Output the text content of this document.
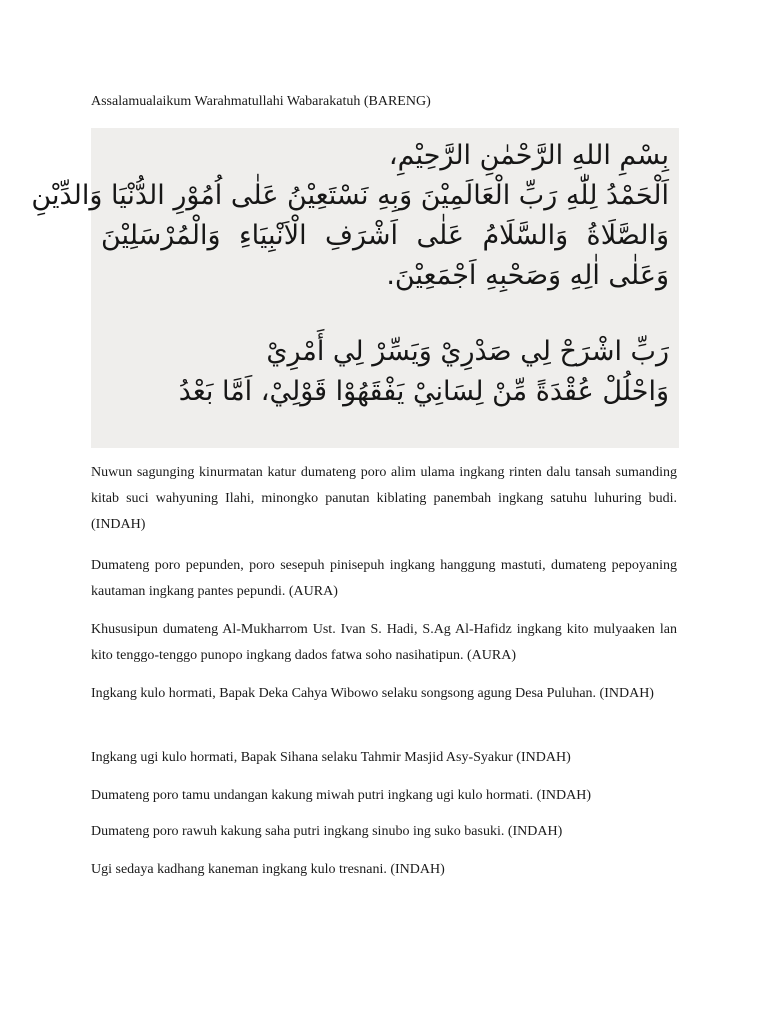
Assalamualaikum Warahmatullahi Wabarakatuh (BARENG)
بِسْمِ اللهِ الرَّحْمٰنِ الرَّحِيْمِ،
اَلْحَمْدُ لِلّٰهِ رَبِّ الْعَالَمِيْنَ وَبِهِ نَسْتَعِيْنُ عَلٰى اُمُوْرِ الدُّنْيَا وَالدِّيْنِ
وَالصَّلَاةُ وَالسَّلَامُ عَلٰى اَشْرَفِ الْاَنْبِيَاءِ وَالْمُرْسَلِيْنَ
وَعَلٰى اٰلِهِ وَصَحْبِهِ اَجْمَعِيْنَ.
رَبِّ اشْرَحْ لِي صَدْرِيْ وَيَسِّرْ لِي أَمْرِيْ
وَاحْلُلْ عُقْدَةً مِّنْ لِسَانِيْ يَفْقَهُوْا قَوْلِيْ، اَمَّا بَعْدُ

Nuwun sagunging kinurmatan katur dumateng poro alim ulama ingkang rinten dalu tansah sumanding kitab suci wahyuning Ilahi, minongko panutan kiblating panembah ingkang satuhu luhuring budi. (INDAH)

Dumateng poro pepunden, poro sesepuh pinisepuh ingkang hanggung mastuti, dumateng pepoyaning kautaman ingkang pantes pepundi. (AURA)

Khususipun dumateng Al-Mukharrom Ust. Ivan S. Hadi, S.Ag Al-Hafidz ingkang kito mulyaaken lan kito tenggo-tenggo punopo ingkang dados fatwa soho nasihatipun. (AURA)

Ingkang kulo hormati, Bapak Deka Cahya Wibowo selaku songsong agung Desa Puluhan. (INDAH)

Ingkang ugi kulo hormati, Bapak Sihana selaku Tahmir Masjid Asy-Syakur (INDAH)

Dumateng poro tamu undangan kakung miwah putri ingkang ugi kulo hormati. (INDAH)

Dumateng poro rawuh kakung saha putri ingkang sinubo ing suko basuki. (INDAH)

Ugi sedaya kadhang kaneman ingkang kulo tresnani. (INDAH)
